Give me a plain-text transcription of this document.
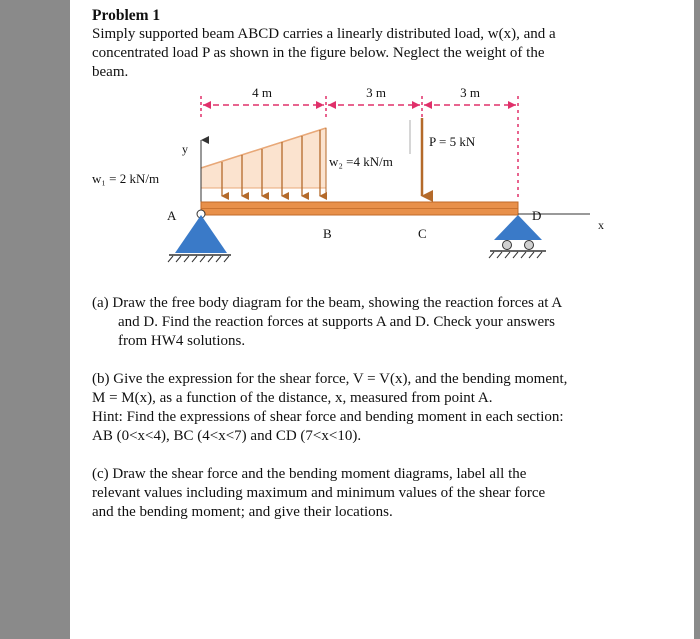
Problem 1
Simply supported beam ABCD carries a linearly distributed load, w(x), and a
concentrated load P as shown in the figure below. Neglect the weight of the
beam.
4 m	3 m	3 m
w₁ = 2 kN/m
w₂ =4 kN/m
P = 5 kN
y
x
A	D
B	C
(a) Draw the free body diagram for the beam, showing the reaction forces at A
and D. Find the reaction forces at supports A and D. Check your answers
from HW4 solutions.
(b) Give the expression for the shear force, V = V(x), and the bending moment,
M = M(x), as a function of the distance, x, measured from point A.
Hint: Find the expressions of shear force and bending moment in each section:
AB (0<x<4), BC (4<x<7) and CD (7<x<10).
(c) Draw the shear force and the bending moment diagrams, label all the
relevant values including maximum and minimum values of the shear force
and the bending moment; and give their locations.
